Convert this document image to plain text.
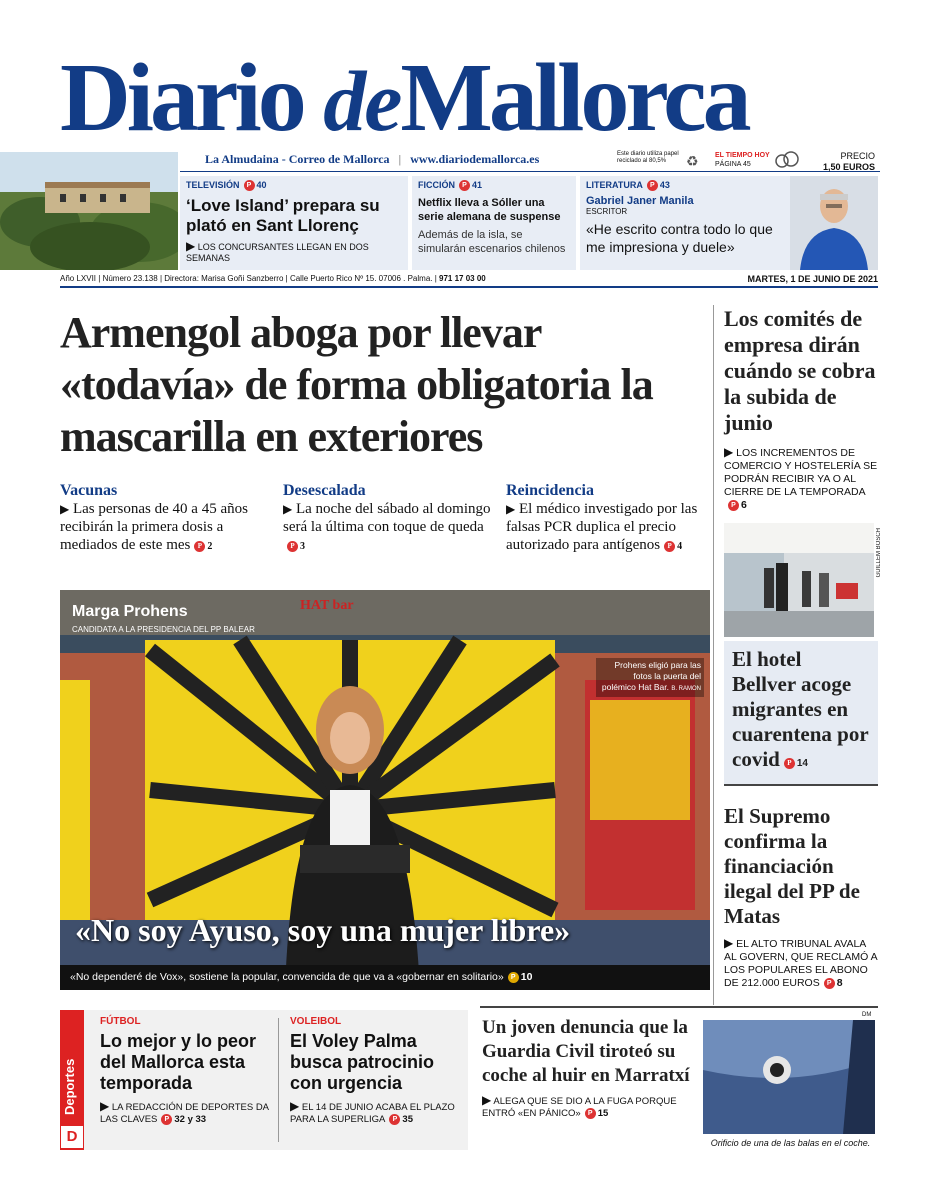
Diario deMallorca
La Almudaina - Correo de Mallorca | www.diariodemallorca.es	Este diario utiliza papel reciclado al 80,5%	♻ EL TIEMPO HOY
PÁGINA 45
PRECIO
1,50 EUROS
TELEVISIÓN P 40
‘Love Island’ prepara su plató en Sant Llorenç
▶ LOS CONCURSANTES LLEGAN EN DOS SEMANAS
FICCIÓN P 41
Netflix lleva a Sóller una serie alemana de suspense
Además de la isla, se simularán escenarios chilenos
LITERATURA P 43
Gabriel Janer Manila
ESCRITOR
«He escrito contra todo lo que me impresiona y duele»
Año LXVII | Número 23.138 | Directora: Marisa Goñi Sanzberro | Calle Puerto Rico Nº 15. 07006 . Palma. | 971 17 03 00	MARTES, 1 DE JUNIO DE 2021
Armengol aboga por llevar «todavía» de forma obligatoria la mascarilla en exteriores
Vacunas
▶ Las personas de 40 a 45 años recibirán la primera dosis a mediados de este mes P 2
Desescalada
▶ La noche del sábado al domingo será la última con toque de quedaP 3
Reincidencia
▶ El médico investigado por las falsas PCR duplica el precio autorizado para antígenos P 4
Los comités de empresa dirán cuándo se cobra la subida de junio
▶ LOS INCREMENTOS DE COMERCIO Y HOSTELERÍA SE PODRÁN RECIBIR YA O AL CIERRE DE LA TEMPORADAP 6
GUILLEM BOSCH
El hotel Bellver acoge migrantes en cuarentena por covid P 14
El Supremo confirma la financiación ilegal del PP de Matas
▶ EL ALTO TRIBUNAL AVALA AL GOVERN, QUE RECLAMÓ A LOS POPULARES EL ABONO DE 212.000 EUROS P 8
HAT bar
Marga Prohens
CANDIDATA A LA PRESIDENCIA DEL PP BALEAR
Prohens eligió para las fotos la puerta del polémico Hat Bar. B. RAMON
«No soy Ayuso, soy una mujer libre»
«No dependeré de Vox», sostiene la popular, convencida de que va a «gobernar en solitario» P 10
Deportes
D
FÚTBOL
Lo mejor y lo peor del Mallorca esta temporada
▶ LA REDACCIÓN DE DEPORTES DA LAS CLAVES P 32 y 33
VOLEIBOL
El Voley Palma busca patrocinio con urgencia
▶ EL 14 DE JUNIO ACABA EL PLAZO PARA LA SUPERLIGA P 35
Un joven denuncia que la Guardia Civil tiroteó su coche al huir en Marratxí
▶ ALEGA QUE SE DIO A LA FUGA PORQUE ENTRÓ «EN PÁNICO» P 15
DM
Orificio de una de las balas en el coche.
